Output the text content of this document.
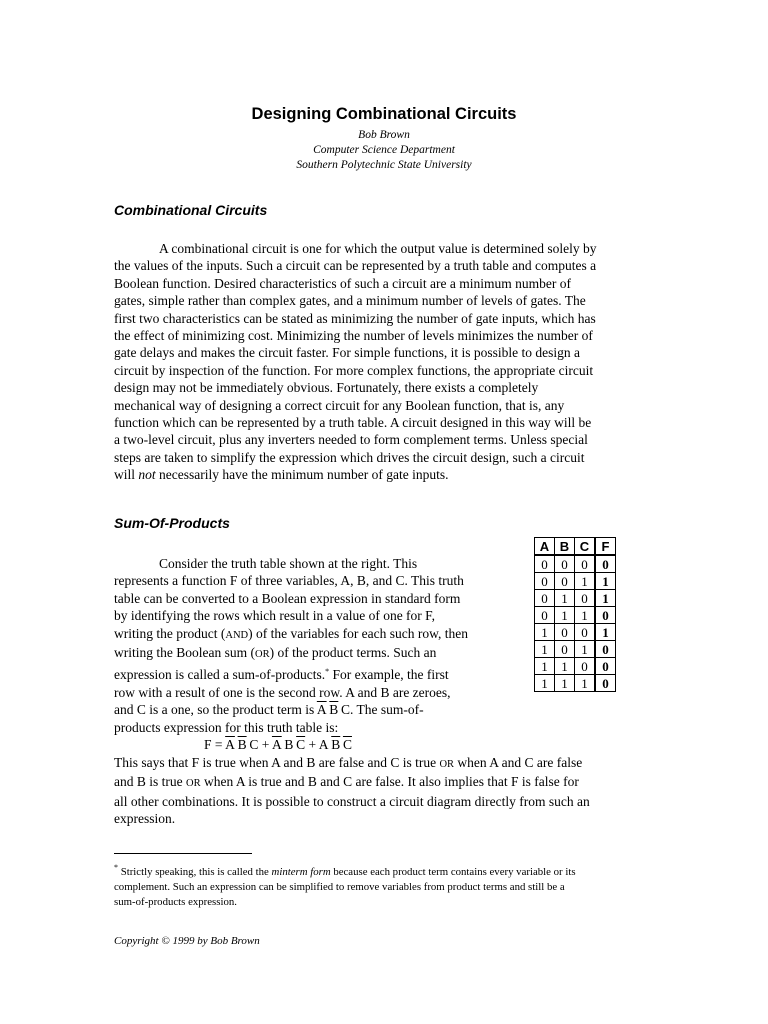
Designing Combinational Circuits

Bob Brown

Computer Science Department

Southern Polytechnic State University

Combinational Circuits
A combinational circuit is one for which the output value is determined solely by
the values of the inputs. Such a circuit can be represented by a truth table and computes a
Boolean function. Desired characteristics of such a circuit are a minimum number of
gates, simple rather than complex gates, and a minimum number of levels of gates. The
first two characteristics can be stated as minimizing the number of gate inputs, which has
the effect of minimizing cost. Minimizing the number of levels minimizes the number of
gate delays and makes the circuit faster. For simple functions, it is possible to design a
circuit by inspection of the function. For more complex functions, the appropriate circuit
design may not be immediately obvious. Fortunately, there exists a completely
mechanical way of designing a correct circuit for any Boolean function, that is, any
function which can be represented by a truth table. A circuit designed in this way will be
a two-level circuit, plus any inverters needed to form complement terms. Unless special
steps are taken to simplify the expression which drives the circuit design, such a circuit
will not necessarily have the minimum number of gate inputs.
Sum-Of-Products
A	B	C	F
0	0	0	0
0	0	1	1
0	1	0	1
0	1	1	0
1	0	0	1
1	0	1	0
1	1	0	0
1	1	1	0
Consider the truth table shown at the right. This
represents a function F of three variables, A, B, and C. This truth
table can be converted to a Boolean expression in standard form
by identifying the rows which result in a value of one for F,
writing the product (AND) of the variables for each such row, then
writing the Boolean sum (OR) of the product terms. Such an
expression is called a sum-of-products.* For example, the first
row with a result of one is the second row. A and B are zeroes,
and C is a one, so the product term is $\overline{A}$  $\overline{B}$  C. The sum-of-
products expression for this truth table is:

$F = \overline{A}$  $\overline{B}$  $C + \overline{A}$  B  $\overline{C} + A$  $\overline{B}$  $\overline{C}$

This says that F is true when A and B are false and C is true OR when A and C are false
and B is true OR when A is true and B and C are false. It also implies that F is false for
all other combinations. It is possible to construct a circuit diagram directly from such an
expression.
* Strictly speaking, this is called the minterm form because each product term contains every variable or its
complement. Such an expression can be simplified to remove variables from product terms and still be a
sum-of-products expression.

Copyright © 1999 by Bob Brown
